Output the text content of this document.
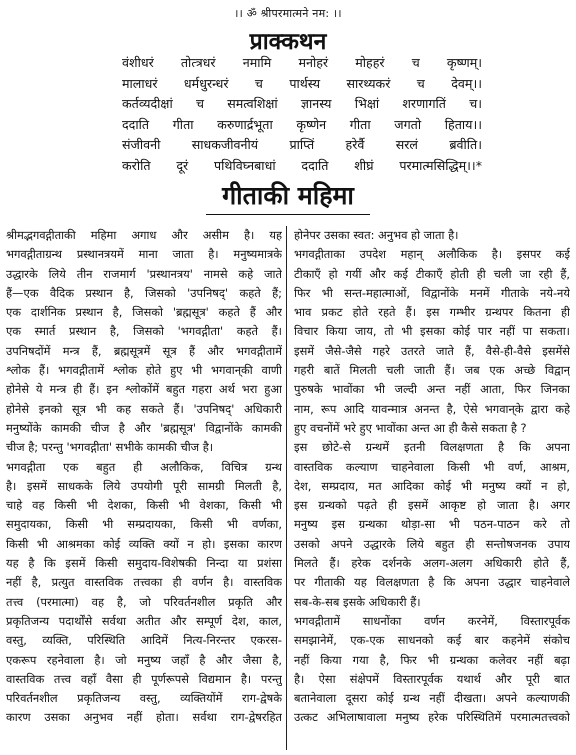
।। ॐ श्रीपरमात्मने नम: ।।
प्राक्कथन
वंशीधरं तोत्त्रधरं नमामि मनोहरं मोहहरं च कृष्णम्।
मालाधरं धर्मधुरन्धरं च पार्थस्य सारथ्यकरं च देवम्।।
कर्तव्यदीक्षां च समत्वशिक्षां ज्ञानस्य भिक्षां शरणागतिं च।
ददाति गीता करुणार्द्रभूता कृष्णेन गीता जगतो हिताय।।
संजीवनी साधकजीवनीयं प्राप्तिं हरेर्वै सरलं ब्रवीति।
करोति दूरं पथिविघ्नबाधां ददाति शीघ्रं परमात्मसिद्धिम्।।*
गीताकी महिमा
श्रीमद्भगवद्गीताकी महिमा अगाध और असीम है। यह
भगवद्गीताग्रन्थ प्रस्थानत्रयमें माना जाता है। मनुष्यमात्रके
उद्धारके लिये तीन राजमार्ग 'प्रस्थानत्रय' नामसे कहे जाते
हैं—एक वैदिक प्रस्थान है, जिसको 'उपनिषद्' कहते हैं;
एक दार्शनिक प्रस्थान है, जिसको 'ब्रह्मसूत्र' कहते हैं और
एक स्मार्त प्रस्थान है, जिसको 'भगवद्गीता' कहते हैं।
उपनिषदोंमें मन्त्र हैं, ब्रह्मसूत्रमें सूत्र हैं और भगवद्गीतामें
श्लोक हैं। भगवद्गीतामें श्लोक होते हुए भी भगवान्‌की वाणी
होनेसे ये मन्त्र ही हैं। इन श्लोकोंमें बहुत गहरा अर्थ भरा हुआ
होनेसे इनको सूत्र भी कह सकते हैं। 'उपनिषद्' अधिकारी
मनुष्योंके कामकी चीज है और 'ब्रह्मसूत्र' विद्वानोंके कामकी
चीज है; परन्तु 'भगवद्गीता' सभीके कामकी चीज है।
भगवद्गीता एक बहुत ही अलौकिक, विचित्र ग्रन्थ
है। इसमें साधकके लिये उपयोगी पूरी सामग्री मिलती है,
चाहे वह किसी भी देशका, किसी भी वेशका, किसी भी
समुदायका, किसी भी सम्प्रदायका, किसी भी वर्णका,
किसी भी आश्रमका कोई व्यक्ति क्यों न हो। इसका कारण
यह है कि इसमें किसी समुदाय-विशेषकी निन्दा या प्रशंसा
नहीं है, प्रत्युत वास्तविक तत्त्वका ही वर्णन है। वास्तविक
तत्त्व (परमात्मा) वह है, जो परिवर्तनशील प्रकृति और
प्रकृतिजन्य पदार्थोंसे सर्वथा अतीत और सम्पूर्ण देश, काल,
वस्तु, व्यक्ति, परिस्थिति आदिमें नित्य-निरन्तर एकरस-
एकरूप रहनेवाला है। जो मनुष्य जहाँ है और जैसा है,
वास्तविक तत्त्व वहाँ वैसा ही पूर्णरूपसे विद्यमान है। परन्तु
परिवर्तनशील प्रकृतिजन्य वस्तु, व्यक्तियोंमें राग-द्वेषके
कारण उसका अनुभव नहीं होता। सर्वथा राग-द्वेषरहित
होनेपर उसका स्वत: अनुभव हो जाता है।
भगवद्गीताका उपदेश महान् अलौकिक है। इसपर कई
टीकाएँ हो गयीं और कई टीकाएँ होती ही चली जा रही हैं,
फिर भी सन्त-महात्माओं, विद्वानोंके मनमें गीताके नये-नये
भाव प्रकट होते रहते हैं। इस गम्भीर ग्रन्थपर कितना ही
विचार किया जाय, तो भी इसका कोई पार नहीं पा सकता।
इसमें जैसे-जैसे गहरे उतरते जाते हैं, वैसे-ही-वैसे इसमेंसे
गहरी बातें मिलती चली जाती हैं। जब एक अच्छे विद्वान्
पुरुषके भावोंका भी जल्दी अन्त नहीं आता, फिर जिनका
नाम, रूप आदि यावन्मात्र अनन्त है, ऐसे भगवान्‌के द्वारा कहे
हुए वचनोंमें भरे हुए भावोंका अन्त आ ही कैसे सकता है ?
इस छोटे-से ग्रन्थमें इतनी विलक्षणता है कि अपना
वास्तविक कल्याण चाहनेवाला किसी भी वर्ण, आश्रम,
देश, सम्प्रदाय, मत आदिका कोई भी मनुष्य क्यों न हो,
इस ग्रन्थको पढ़ते ही इसमें आकृष्ट हो जाता है। अगर
मनुष्य इस ग्रन्थका थोड़ा-सा भी पठन-पाठन करे तो
उसको अपने उद्धारके लिये बहुत ही सन्तोषजनक उपाय
मिलते हैं। हरेक दर्शनके अलग-अलग अधिकारी होते हैं,
पर गीताकी यह विलक्षणता है कि अपना उद्धार चाहनेवाले
सब-के-सब इसके अधिकारी हैं।
भगवद्गीतामें साधनोंका वर्णन करनेमें, विस्तारपूर्वक
समझानेमें, एक-एक साधनको कई बार कहनेमें संकोच
नहीं किया गया है, फिर भी ग्रन्थका कलेवर नहीं बढ़ा
है। ऐसा संक्षेपमें विस्तारपूर्वक यथार्थ और पूरी बात
बतानेवाला दूसरा कोई ग्रन्थ नहीं दीखता। अपने कल्याणकी
उत्कट अभिलाषावाला मनुष्य हरेक परिस्थितिमें परमात्मतत्त्वको
